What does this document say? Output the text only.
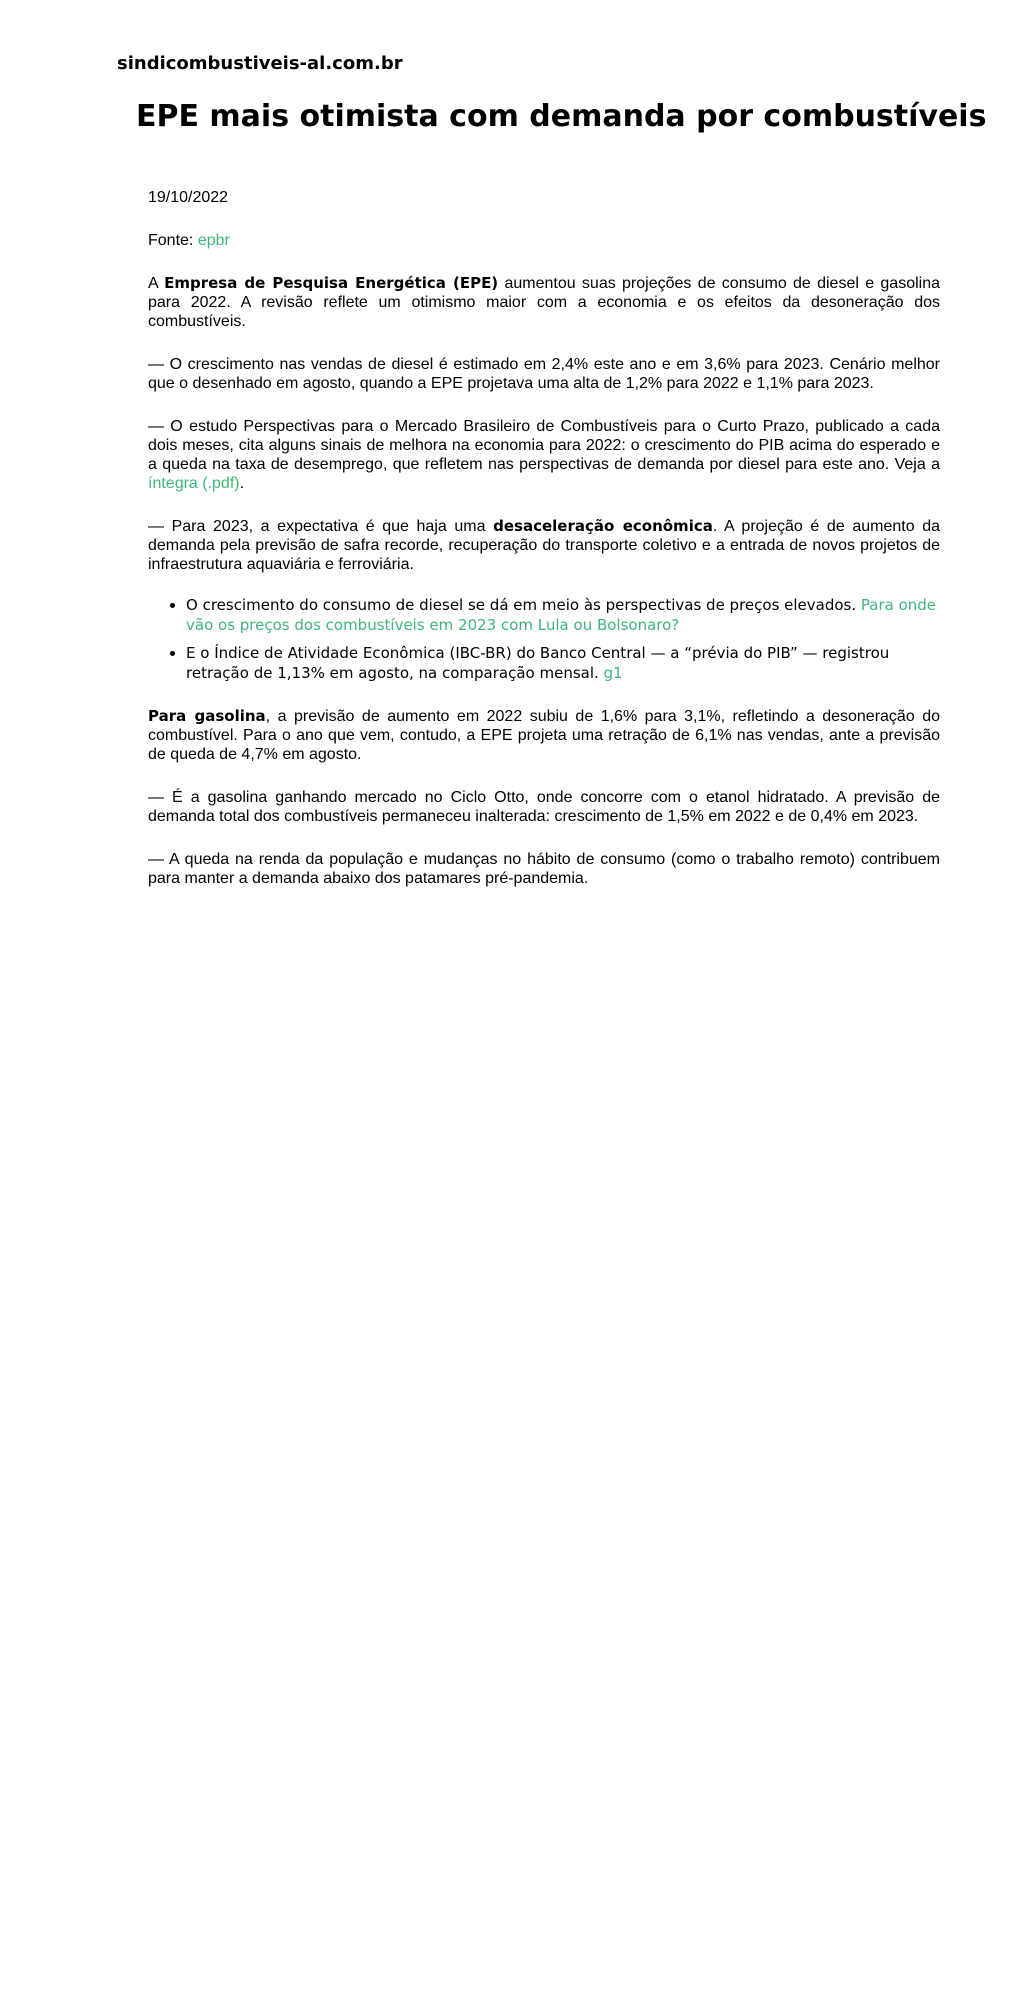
sindicombustiveis-al.com.br
EPE mais otimista com demanda por combustíveis

19/10/2022

Fonte: epbr

A Empresa de Pesquisa Energética (EPE) aumentou suas projeções de consumo de diesel e gasolina para 2022. A revisão reflete um otimismo maior com a economia e os efeitos da desoneração dos combustíveis.

— O crescimento nas vendas de diesel é estimado em 2,4% este ano e em 3,6% para 2023. Cenário melhor que o desenhado em agosto, quando a EPE projetava uma alta de 1,2% para 2022 e 1,1% para 2023.

— O estudo Perspectivas para o Mercado Brasileiro de Combustíveis para o Curto Prazo, publicado a cada dois meses, cita alguns sinais de melhora na economia para 2022: o crescimento do PIB acima do esperado e a queda na taxa de desemprego, que refletem nas perspectivas de demanda por diesel para este ano. Veja a íntegra (.pdf).

— Para 2023, a expectativa é que haja uma desaceleração econômica. A projeção é de aumento da demanda pela previsão de safra recorde, recuperação do transporte coletivo e a entrada de novos projetos de infraestrutura aquaviária e ferroviária.

• O crescimento do consumo de diesel se dá em meio às perspectivas de preços elevados. Para onde vão os preços dos combustíveis em 2023 com Lula ou Bolsonaro?
• E o Índice de Atividade Econômica (IBC-BR) do Banco Central — a “prévia do PIB” — registrou retração de 1,13% em agosto, na comparação mensal. g1

Para gasolina, a previsão de aumento em 2022 subiu de 1,6% para 3,1%, refletindo a desoneração do combustível. Para o ano que vem, contudo, a EPE projeta uma retração de 6,1% nas vendas, ante a previsão de queda de 4,7% em agosto.

— É a gasolina ganhando mercado no Ciclo Otto, onde concorre com o etanol hidratado. A previsão de demanda total dos combustíveis permaneceu inalterada: crescimento de 1,5% em 2022 e de 0,4% em 2023.

— A queda na renda da população e mudanças no hábito de consumo (como o trabalho remoto) contribuem para manter a demanda abaixo dos patamares pré-pandemia.
